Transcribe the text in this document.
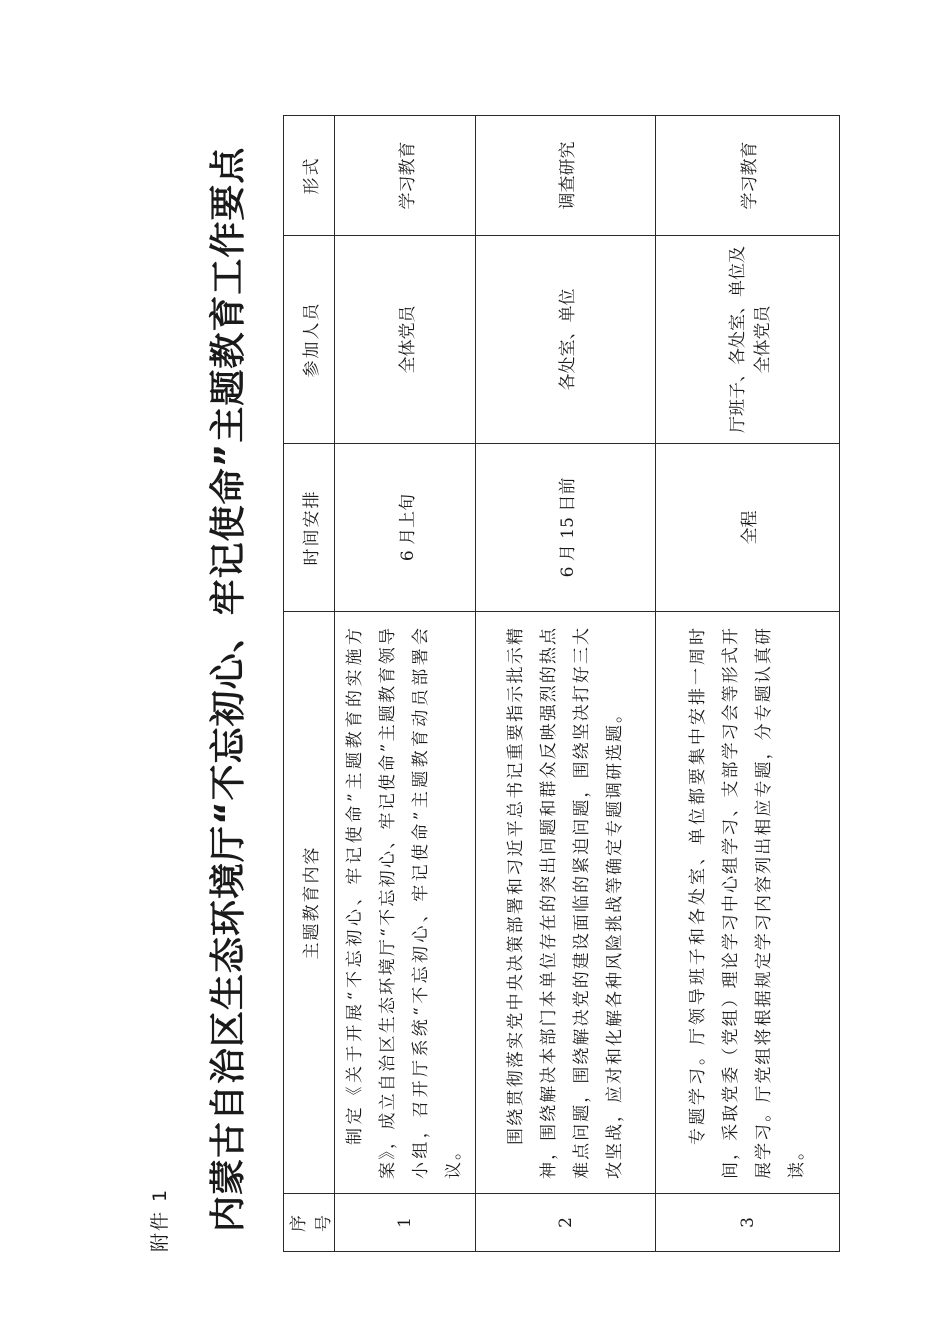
附件 1 内蒙古自治区生态环境厅“不忘初心、牢记使命”主题教育工作要点 序号	主题教育内容	时间安排	参加人员	形式
1	制定《关于开展“不忘初心、牢记使命”主题教育的实施方案》，成立自治区生态环境厅“不忘初心、牢记使命”主题教育领导小组，召开厅系统“不忘初心、牢记使命”主题教育动员部署会议。	6 月上旬	全体党员	学习教育
2	围绕贯彻落实党中央决策部署和习近平总书记重要指示批示精神，围绕解决本部门本单位存在的突出问题和群众反映强烈的热点难点问题，围绕解决党的建设面临的紧迫问题，围绕坚决打好三大攻坚战，应对和化解各种风险挑战等确定专题调研选题。	6 月 15 日前	各处室、单位	调查研究
3	专题学习。厅领导班子和各处室、单位都要集中安排一周时间，采取党委（党组）理论学习中心组学习、支部学习会等形式开展学习。厅党组将根据规定学习内容列出相应专题，分专题认真研读。	全程	厅班子、各处室、单位及全体党员	学习教育
